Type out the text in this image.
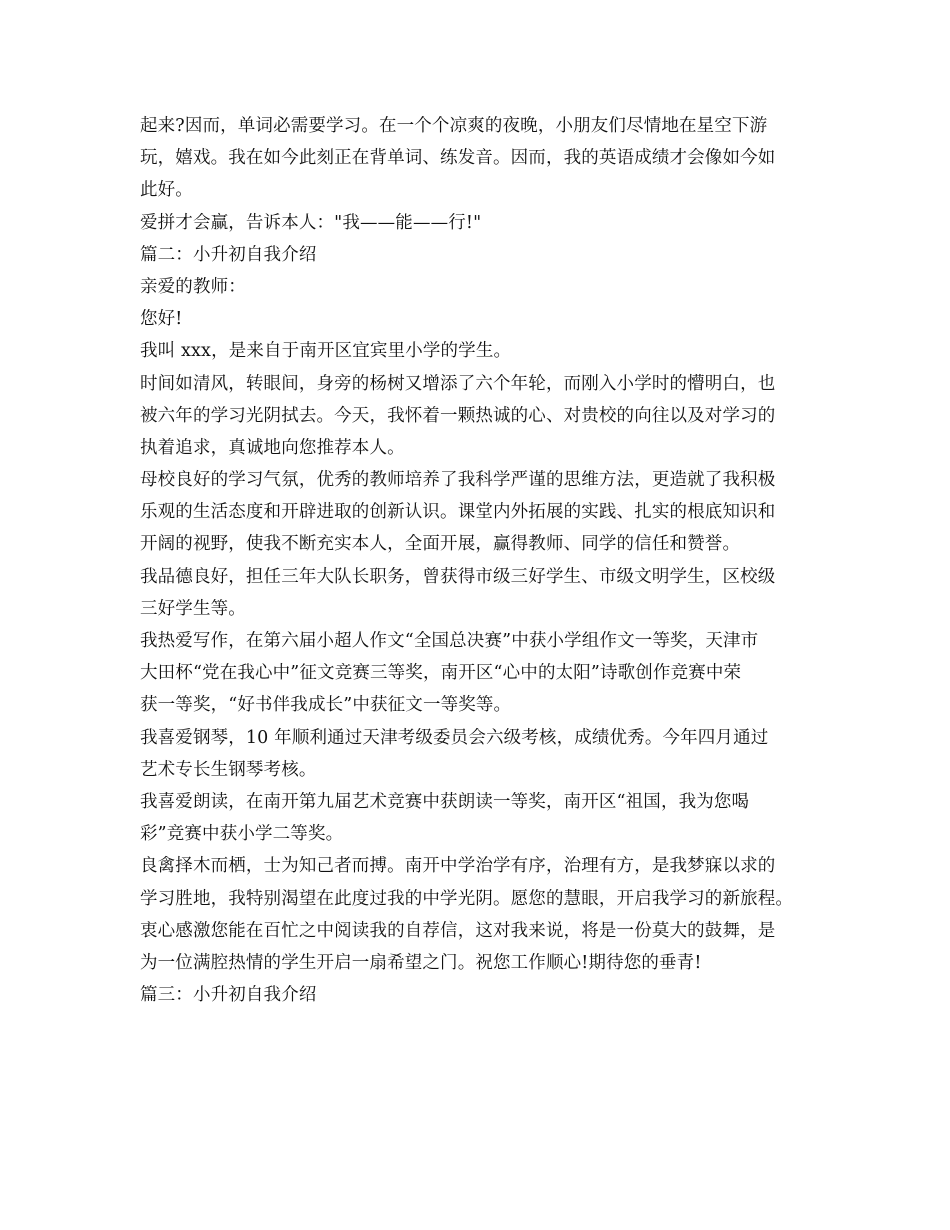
起来?因而，单词必需要学习。在一个个凉爽的夜晚，小朋友们尽情地在星空下游
玩，嬉戏。我在如今此刻正在背单词、练发音。因而，我的英语成绩才会像如今如
此好。
爱拼才会赢，告诉本人："我——能——行!"
篇二：小升初自我介绍
亲爱的教师：
您好!
我叫 xxx，是来自于南开区宜宾里小学的学生。
时间如清风，转眼间，身旁的杨树又增添了六个年轮，而刚入小学时的懵明白，也
被六年的学习光阴拭去。今天，我怀着一颗热诚的心、对贵校的向往以及对学习的
执着追求，真诚地向您推荐本人。
母校良好的学习气氛，优秀的教师培养了我科学严谨的思维方法，更造就了我积极
乐观的生活态度和开辟进取的创新认识。课堂内外拓展的实践、扎实的根底知识和
开阔的视野，使我不断充实本人，全面开展，赢得教师、同学的信任和赞誉。
我品德良好，担任三年大队长职务，曾获得市级三好学生、市级文明学生，区校级
三好学生等。
我热爱写作，在第六届小超人作文“全国总决赛”中获小学组作文一等奖，天津市
大田杯“党在我心中”征文竞赛三等奖，南开区“心中的太阳”诗歌创作竞赛中荣
获一等奖，“好书伴我成长”中获征文一等奖等。
我喜爱钢琴，10 年顺利通过天津考级委员会六级考核，成绩优秀。今年四月通过
艺术专长生钢琴考核。
我喜爱朗读，在南开第九届艺术竞赛中获朗读一等奖，南开区“祖国，我为您喝
彩”竞赛中获小学二等奖。
良禽择木而栖，士为知己者而搏。南开中学治学有序，治理有方，是我梦寐以求的
学习胜地，我特别渴望在此度过我的中学光阴。愿您的慧眼，开启我学习的新旅程。
衷心感激您能在百忙之中阅读我的自荐信，这对我来说，将是一份莫大的鼓舞，是
为一位满腔热情的学生开启一扇希望之门。祝您工作顺心!期待您的垂青!
篇三：小升初自我介绍
